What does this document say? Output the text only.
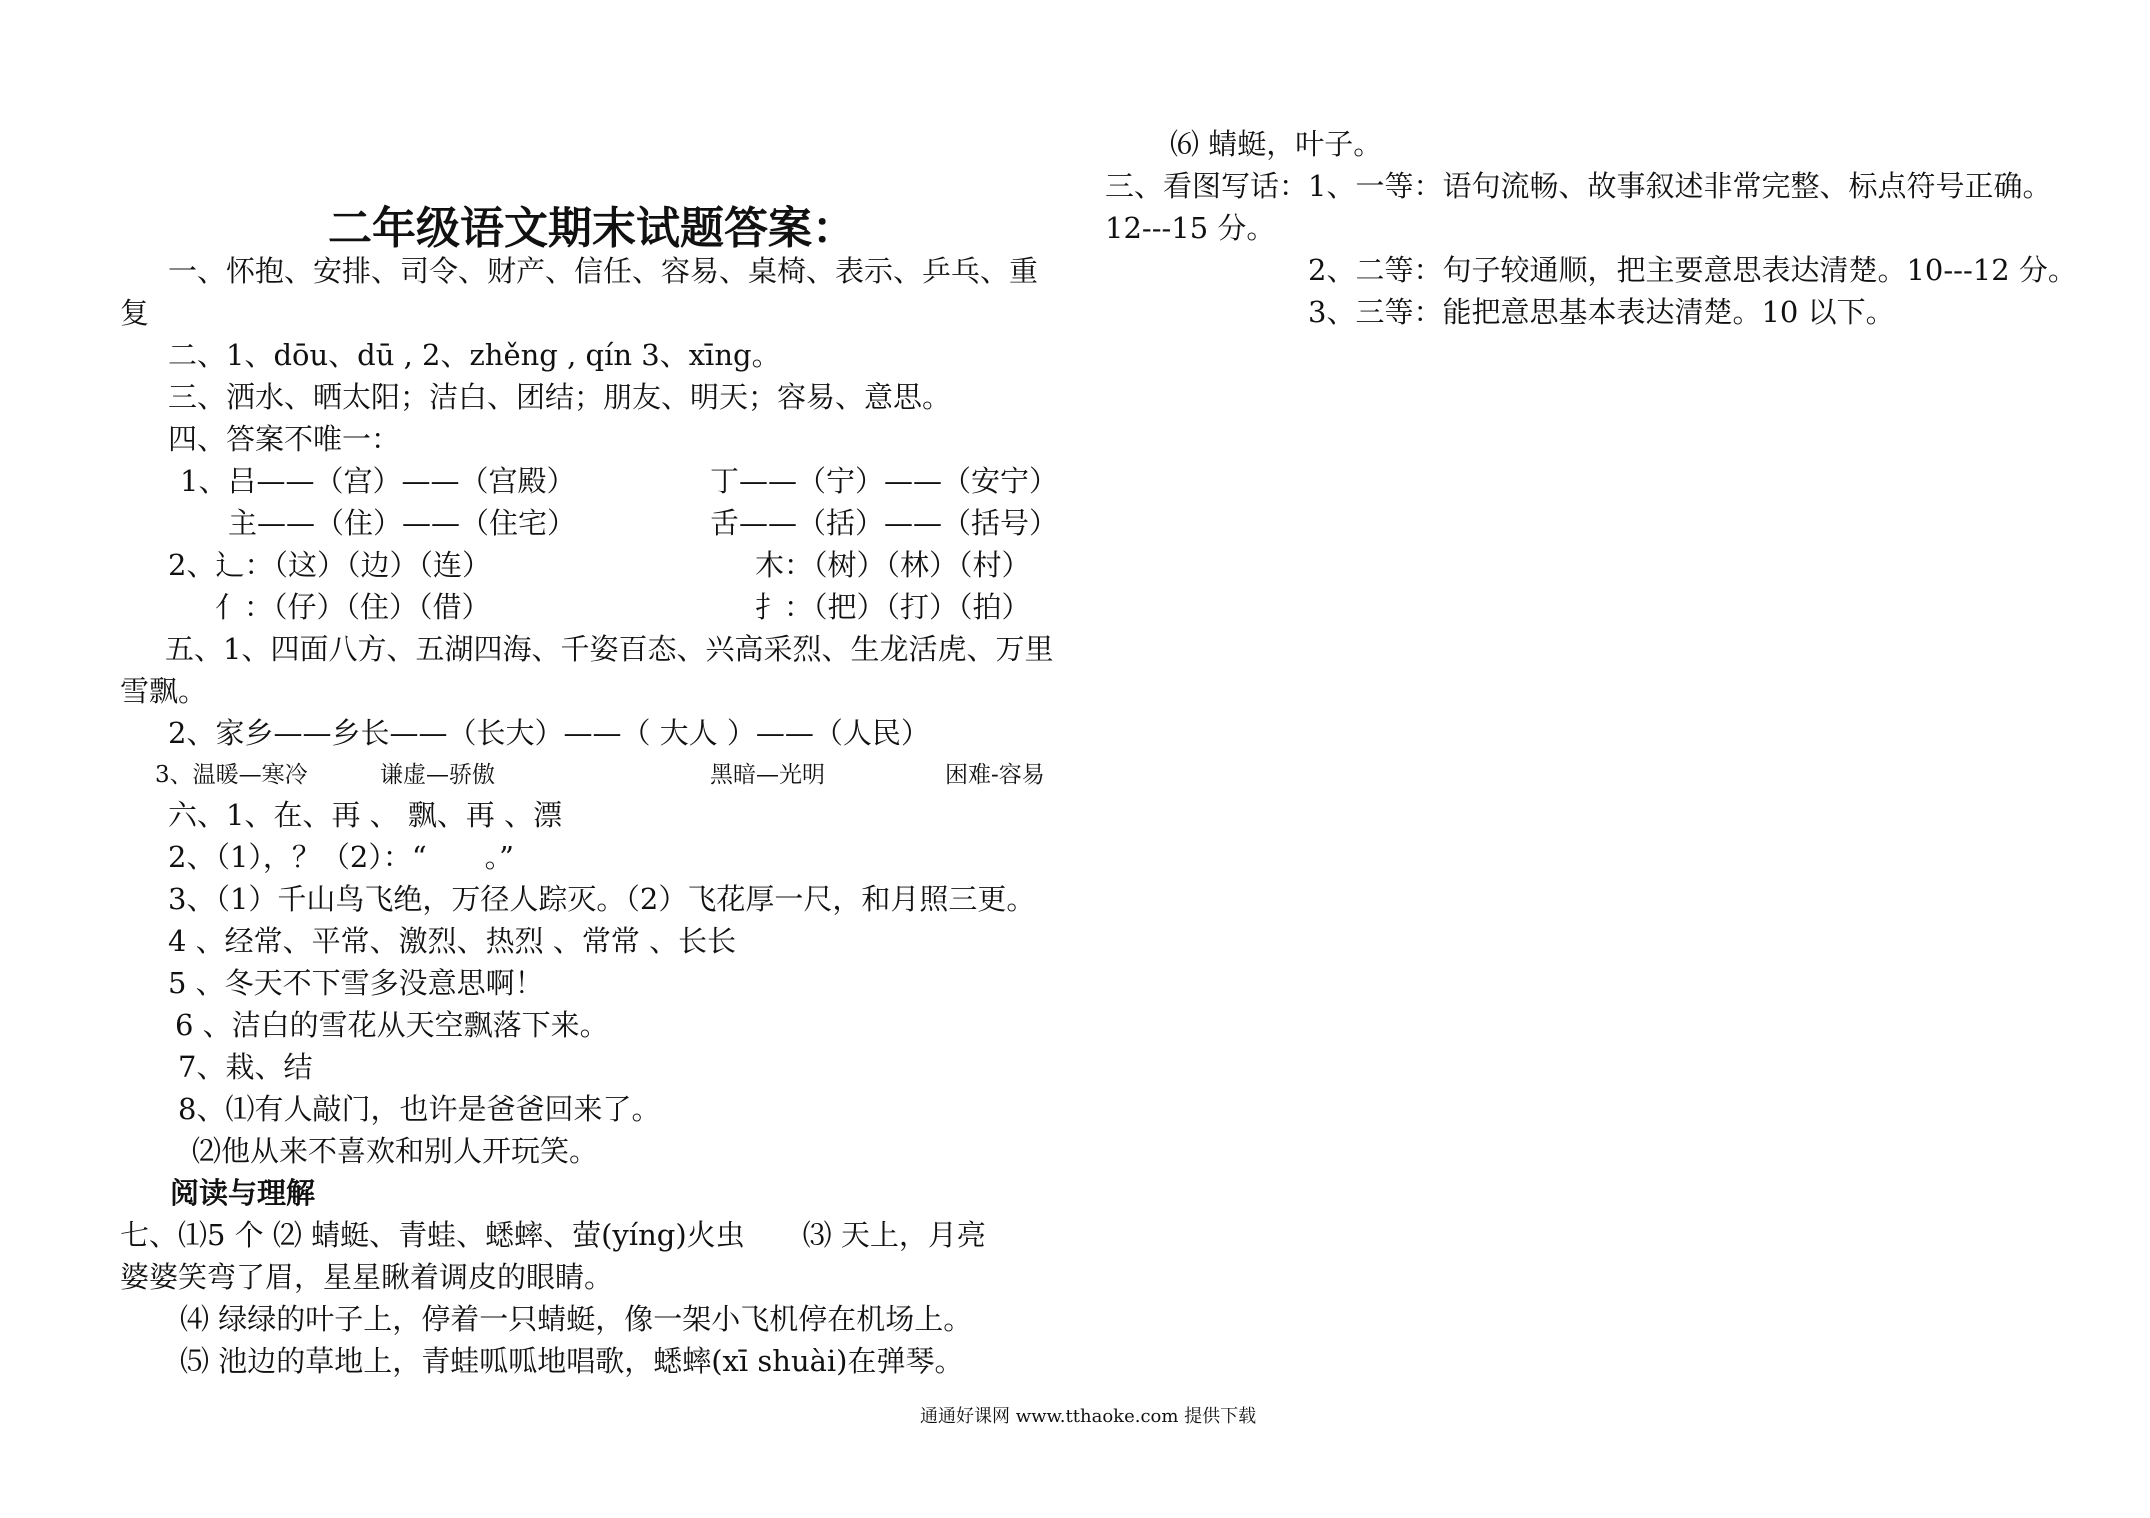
二年级语文期末试题答案：
一、怀抱、安排、司令、财产、信任、容易、桌椅、表示、乒乓、重
复
二、1、dōu、dū , 2、zhěng , qín 3、xīng。
三、洒水、晒太阳；洁白、团结；朋友、明天；容易、意思。
四、答案不唯一：
1、吕——（宫）——（宫殿）	丁——（宁）——（安宁）
主——（住）——（住宅）	舌——（括）——（括号）
2、辶：（这）（边）（连）	木：（树）（林）（村）
亻：（仔）（住）（借）	扌：（把）（打）（拍）
五、1、四面八方、五湖四海、千姿百态、兴高采烈、生龙活虎、万里
雪飘。
2、家乡——乡长——（长大）——（ 大人 ）——（人民）
3、温暖—寒冷	谦虚—骄傲	黑暗—光明	困难-容易
六、1、在、再 、 飘、再 、漂
2、（1），？（2）：“　　。”
3、（1）千山鸟飞绝，万径人踪灭。（2）飞花厚一尺，和月照三更。
4 、经常、平常、激烈、热烈 、常常 、长长
5 、冬天不下雪多没意思啊！
6 、洁白的雪花从天空飘落下来。
7、栽、结
8、⑴有人敲门，也许是爸爸回来了。
⑵他从来不喜欢和别人开玩笑。
阅读与理解
七、⑴5 个 ⑵ 蜻蜓、青蛙、蟋蟀、萤(yíng)火虫　　⑶ 天上，月亮
婆婆笑弯了眉，星星瞅着调皮的眼睛。
⑷ 绿绿的叶子上，停着一只蜻蜓，像一架小飞机停在机场上。
⑸ 池边的草地上，青蛙呱呱地唱歌，蟋蟀(xī shuài)在弹琴。
⑹ 蜻蜓，叶子。
三、看图写话：1、一等：语句流畅、故事叙述非常完整、标点符号正确。
12---15 分。
2、二等：句子较通顺，把主要意思表达清楚。10---12 分。
3、三等：能把意思基本表达清楚。10 以下。
通通好课网 www.tthaoke.com 提供下载
